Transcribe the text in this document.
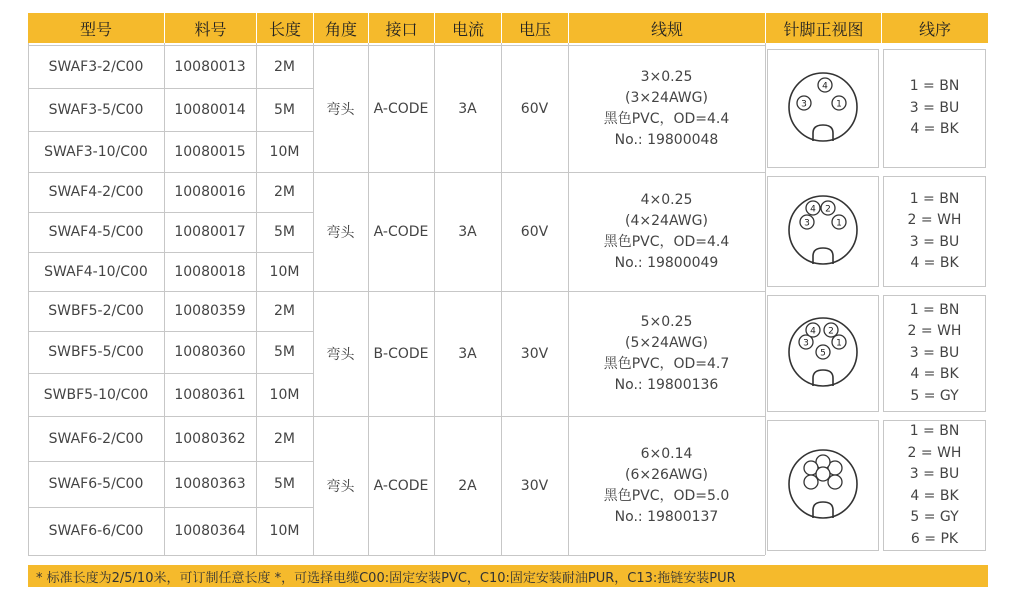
型号	料号	长度	角度	接口	电流	电压	线规	针脚正视图	线序
SWAF3-2/C00	10080013	2M
SWAF3-5/C00	10080014	5M
SWAF3-10/C00	10080015	10M
弯头	A-CODE	3A	60V
3×0.25
(3×24AWG)
黑色PVC，OD=4.4
No.: 19800048
1
3
4	1 = BN
3 = BU
4 = BK
SWAF4-2/C00	10080016	2M
SWAF4-5/C00	10080017	5M
SWAF4-10/C00	10080018	10M
弯头	A-CODE	3A	60V
4×0.25
(4×24AWG)
黑色PVC，OD=4.4
No.: 19800049
1
2
3
4
1 = BN
2 = WH
3 = BU
4 = BK
SWBF5-2/C00	10080359	2M
SWBF5-5/C00	10080360	5M
SWBF5-10/C00	10080361	10M
弯头	B-CODE	3A	30V
5×0.25
(5×24AWG)
黑色PVC，OD=4.7
No.: 19800136
1
2
3
4
5
1 = BN
2 = WH
3 = BU
4 = BK
5 = GY
SWAF6-2/C00	10080362	2M
SWAF6-5/C00	10080363	5M
SWAF6-6/C00	10080364	10M
弯头	A-CODE	2A	30V
6×0.14
(6×26AWG)
黑色PVC，OD=5.0
No.: 19800137
1 = BN
2 = WH
3 = BU
4 = BK
5 = GY
6 = PK
* 标准长度为2/5/10米，可订制任意长度 *，可选择电缆C00:固定安装PVC，C10:固定安装耐油PUR，C13:拖链安装PUR
